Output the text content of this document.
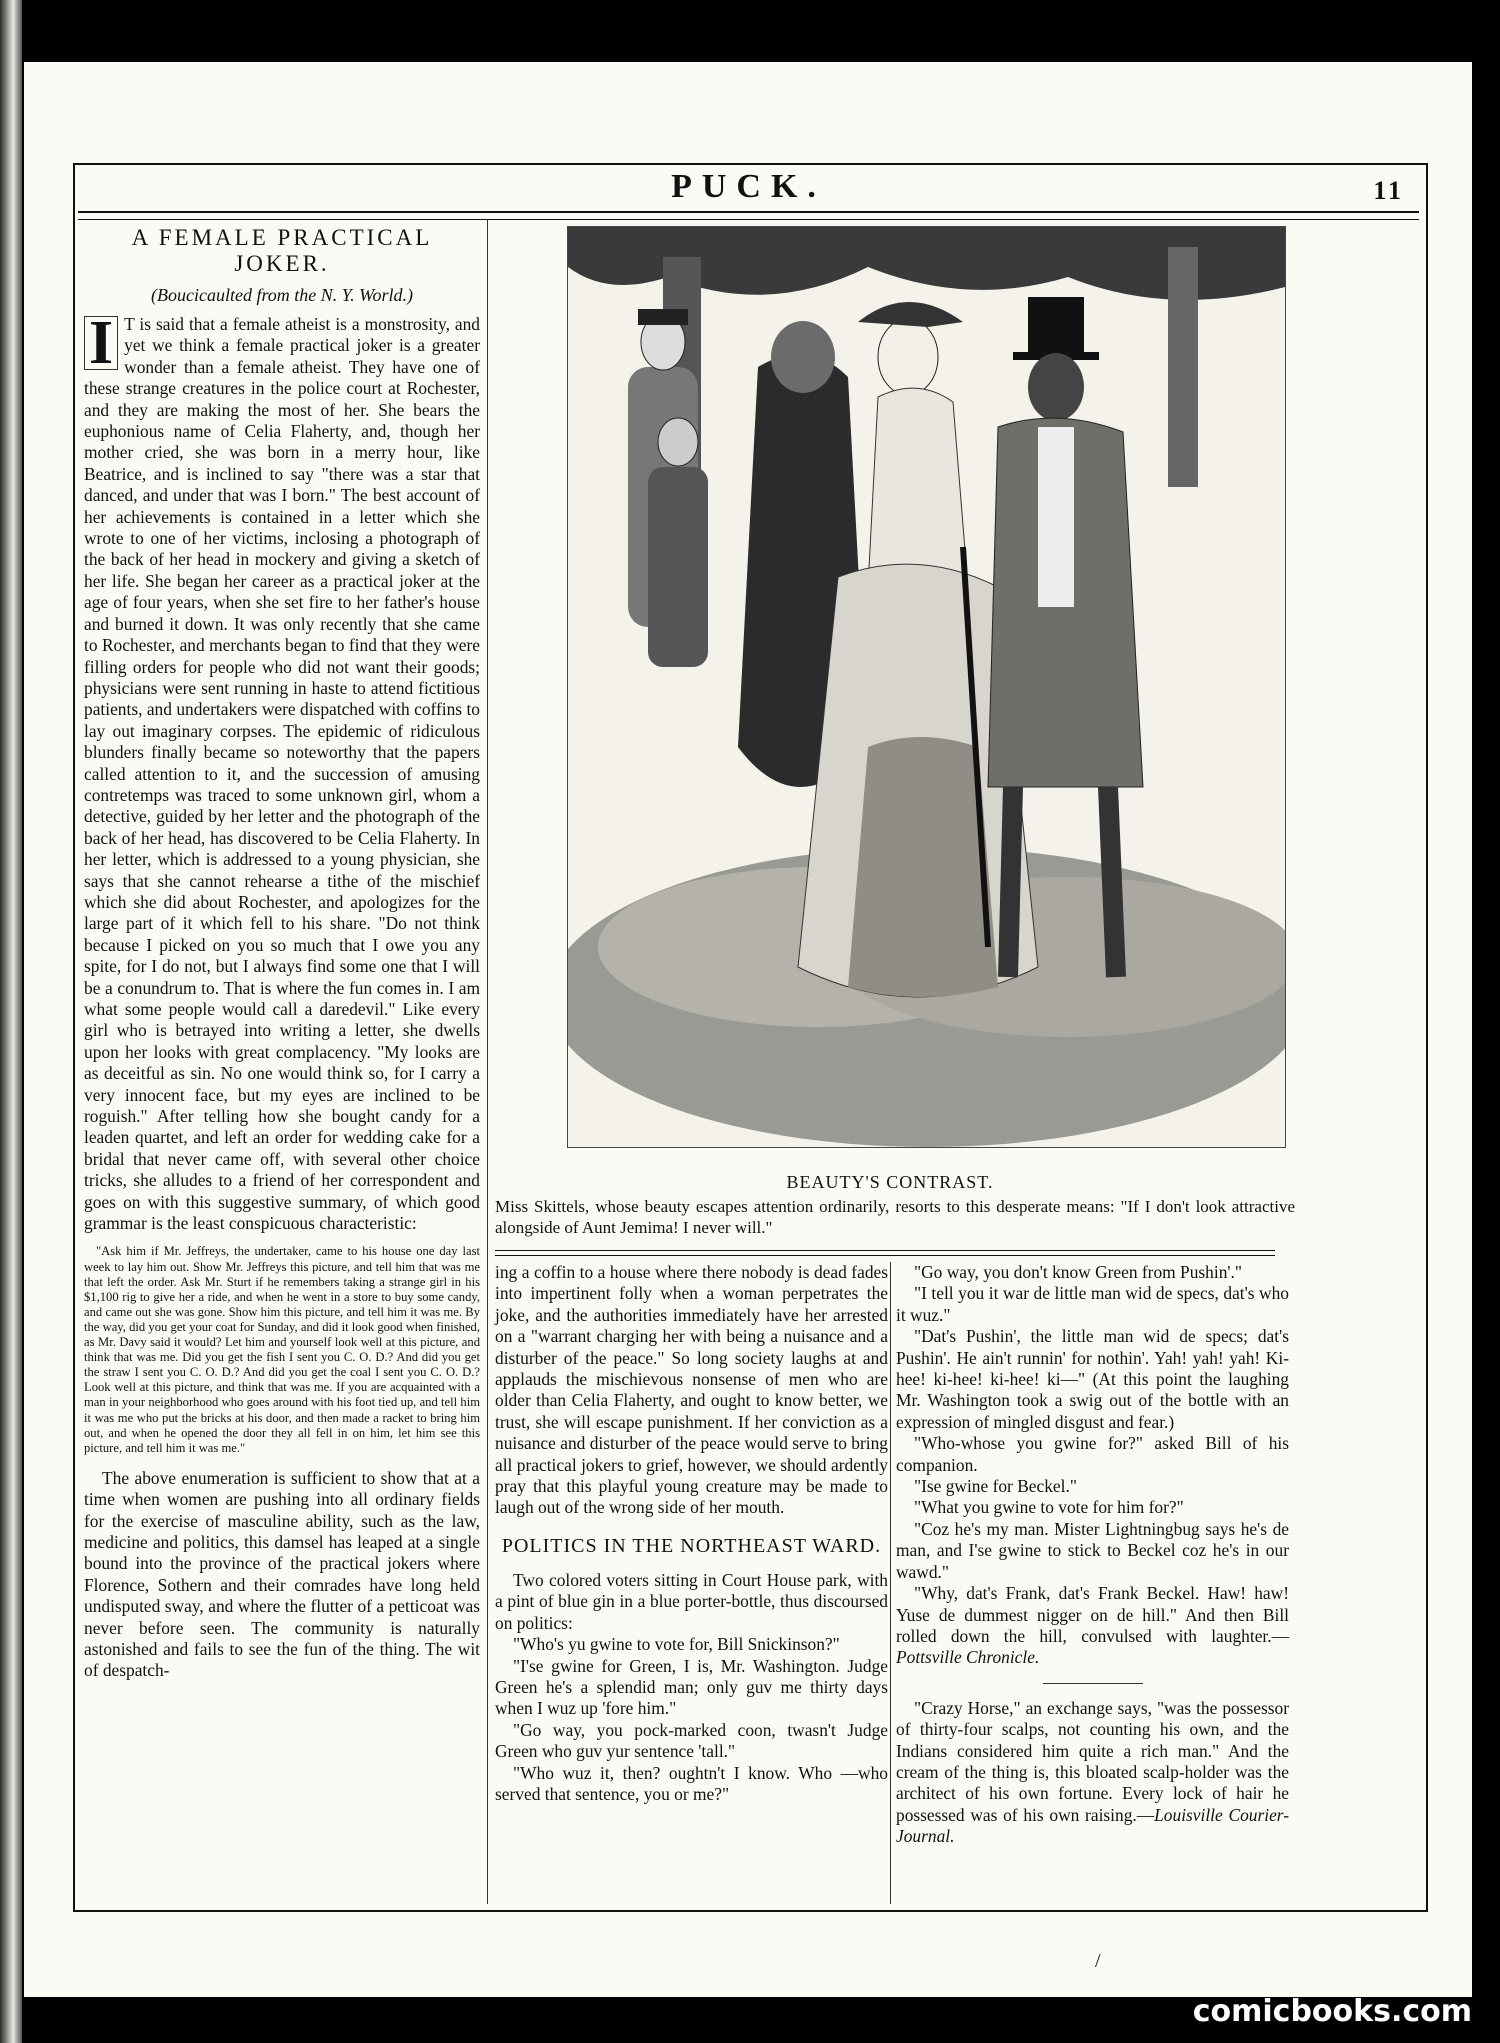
PUCK.	11
A FEMALE PRACTICAL JOKER.
(Boucicaulted from the N. Y. World.)

I T is said that a female atheist is a monstrosity, and yet we think a female practical joker is a greater wonder than a female atheist. They have one of these strange creatures in the police court at Rochester, and they are making the most of her. She bears the euphonious name of Celia Flaherty, and, though her mother cried, she was born in a merry hour, like Beatrice, and is inclined to say "there was a star that danced, and under that was I born." The best account of her achievements is contained in a letter which she wrote to one of her victims, inclosing a photograph of the back of her head in mockery and giving a sketch of her life. She began her career as a practical joker at the age of four years, when she set fire to her father's house and burned it down. It was only recently that she came to Rochester, and merchants began to find that they were filling orders for people who did not want their goods; physicians were sent running in haste to attend fictitious patients, and undertakers were dispatched with coffins to lay out imaginary corpses. The epidemic of ridiculous blunders finally became so noteworthy that the papers called attention to it, and the succession of amusing contretemps was traced to some unknown girl, whom a detective, guided by her letter and the photograph of the back of her head, has discovered to be Celia Flaherty. In her letter, which is addressed to a young physician, she says that she cannot rehearse a tithe of the mischief which she did about Rochester, and apologizes for the large part of it which fell to his share. "Do not think because I picked on you so much that I owe you any spite, for I do not, but I always find some one that I will be a conundrum to. That is where the fun comes in. I am what some people would call a daredevil." Like every girl who is betrayed into writing a letter, she dwells upon her looks with great complacency. "My looks are as deceitful as sin. No one would think so, for I carry a very innocent face, but my eyes are inclined to be roguish." After telling how she bought candy for a leaden quartet, and left an order for wedding cake for a bridal that never came off, with several other choice tricks, she alludes to a friend of her correspondent and goes on with this suggestive summary, of which good grammar is the least conspicuous characteristic:

"Ask him if Mr. Jeffreys, the undertaker, came to his house one day last week to lay him out. Show Mr. Jeffreys this picture, and tell him that was me that left the order. Ask Mr. Sturt if he remembers taking a strange girl in his $1,100 rig to give her a ride, and when he went in a store to buy some candy, and came out she was gone. Show him this picture, and tell him it was me. By the way, did you get your coat for Sunday, and did it look good when finished, as Mr. Davy said it would? Let him and yourself look well at this picture, and think that was me. Did you get the fish I sent you C. O. D.? And did you get the straw I sent you C. O. D.? And did you get the coal I sent you C. O. D.? Look well at this picture, and think that was me. If you are acquainted with a man in your neighborhood who goes around with his foot tied up, and tell him it was me who put the bricks at his door, and then made a racket to bring him out, and when he opened the door they all fell in on him, let him see this picture, and tell him it was me."

The above enumeration is sufficient to show that at a time when women are pushing into all ordinary fields for the exercise of masculine ability, such as the law, medicine and politics, this damsel has leaped at a single bound into the province of the practical jokers where Florence, Sothern and their comrades have long held undisputed sway, and where the flutter of a petticoat was never before seen. The community is naturally astonished and fails to see the fun of the thing. The wit of despatch-

BEAUTY'S CONTRAST.
Miss Skittels, whose beauty escapes attention ordinarily, resorts to this desperate means: "If I don't look attractive alongside of Aunt Jemima! I never will."

ing a coffin to a house where there nobody is dead fades into impertinent folly when a woman perpetrates the joke, and the authorities immediately have her arrested on a "warrant charging her with being a nuisance and a disturber of the peace." So long society laughs at and applauds the mischievous nonsense of men who are older than Celia Flaherty, and ought to know better, we trust, she will escape punishment. If her conviction as a nuisance and disturber of the peace would serve to bring all practical jokers to grief, however, we should ardently pray that this playful young creature may be made to laugh out of the wrong side of her mouth.

POLITICS IN THE NORTHEAST WARD.

Two colored voters sitting in Court House park, with a pint of blue gin in a blue porter-bottle, thus discoursed on politics:

"Who's yu gwine to vote for, Bill Snickinson?"

"I'se gwine for Green, I is, Mr. Washington. Judge Green he's a splendid man; only guv me thirty days when I wuz up 'fore him."

"Go way, you pock-marked coon, twasn't Judge Green who guv yur sentence 'tall."

"Who wuz it, then? oughtn't I know. Who —who served that sentence, you or me?"

"Go way, you don't know Green from Pushin'."

"I tell you it war de little man wid de specs, dat's who it wuz."

"Dat's Pushin', the little man wid de specs; dat's Pushin'. He ain't runnin' for nothin'. Yah! yah! yah! Ki-hee! ki-hee! ki-hee! ki—" (At this point the laughing Mr. Washington took a swig out of the bottle with an expression of mingled disgust and fear.)

"Who-whose you gwine for?" asked Bill of his companion.

"Ise gwine for Beckel."

"What you gwine to vote for him for?"

"Coz he's my man. Mister Lightningbug says he's de man, and I'se gwine to stick to Beckel coz he's in our wawd."

"Why, dat's Frank, dat's Frank Beckel. Haw! haw! Yuse de dummest nigger on de hill." And then Bill rolled down the hill, convulsed with laughter.—Pottsville Chronicle.

"Crazy Horse," an exchange says, "was the possessor of thirty-four scalps, not counting his own, and the Indians considered him quite a rich man." And the cream of the thing is, this bloated scalp-holder was the architect of his own fortune. Every lock of hair he possessed was of his own raising.—Louisville Courier-Journal.

/
comicbooks.com
